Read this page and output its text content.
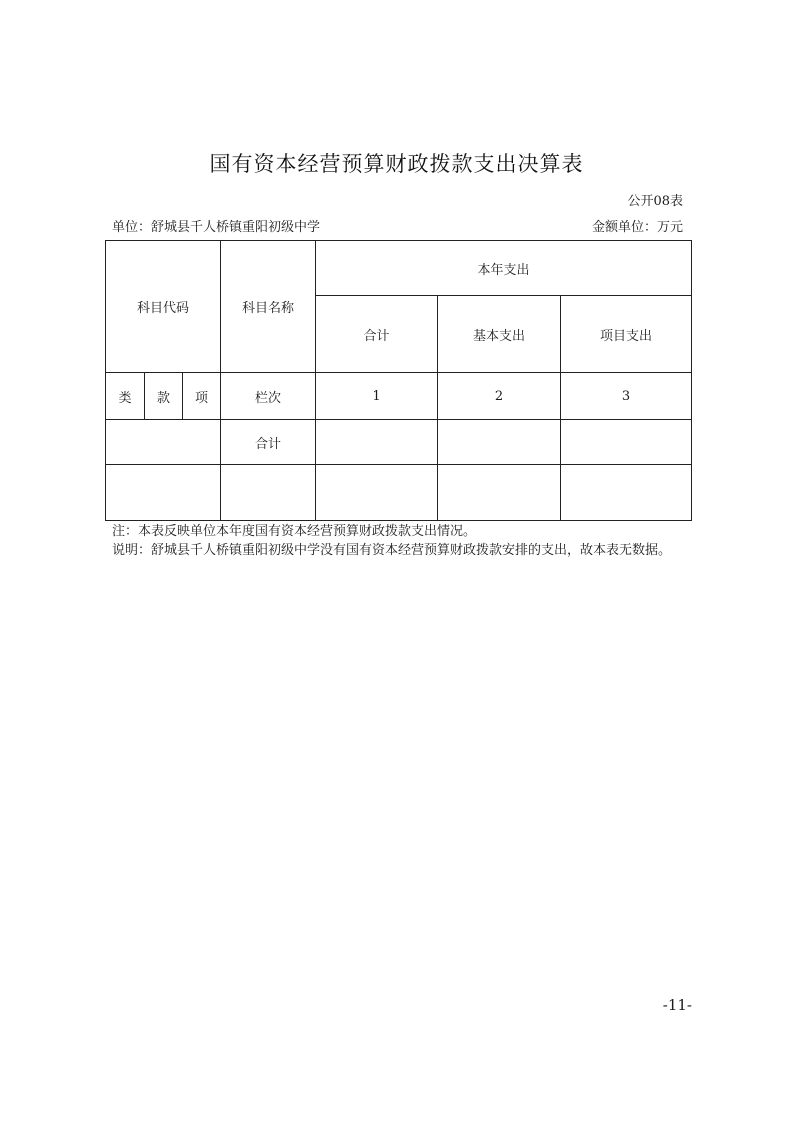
国有资本经营预算财政拨款支出决算表
公开08表
单位：舒城县千人桥镇重阳初级中学	金额单位：万元
科目代码			科目名称	本年支出		
				合计	基本支出	项目支出
类	款	项	栏次	1	2	3
			合计			

注：本表反映单位本年度国有资本经营预算财政拨款支出情况。

说明：舒城县千人桥镇重阳初级中学没有国有资本经营预算财政拨款安排的支出，故本表无数据。

-11-
